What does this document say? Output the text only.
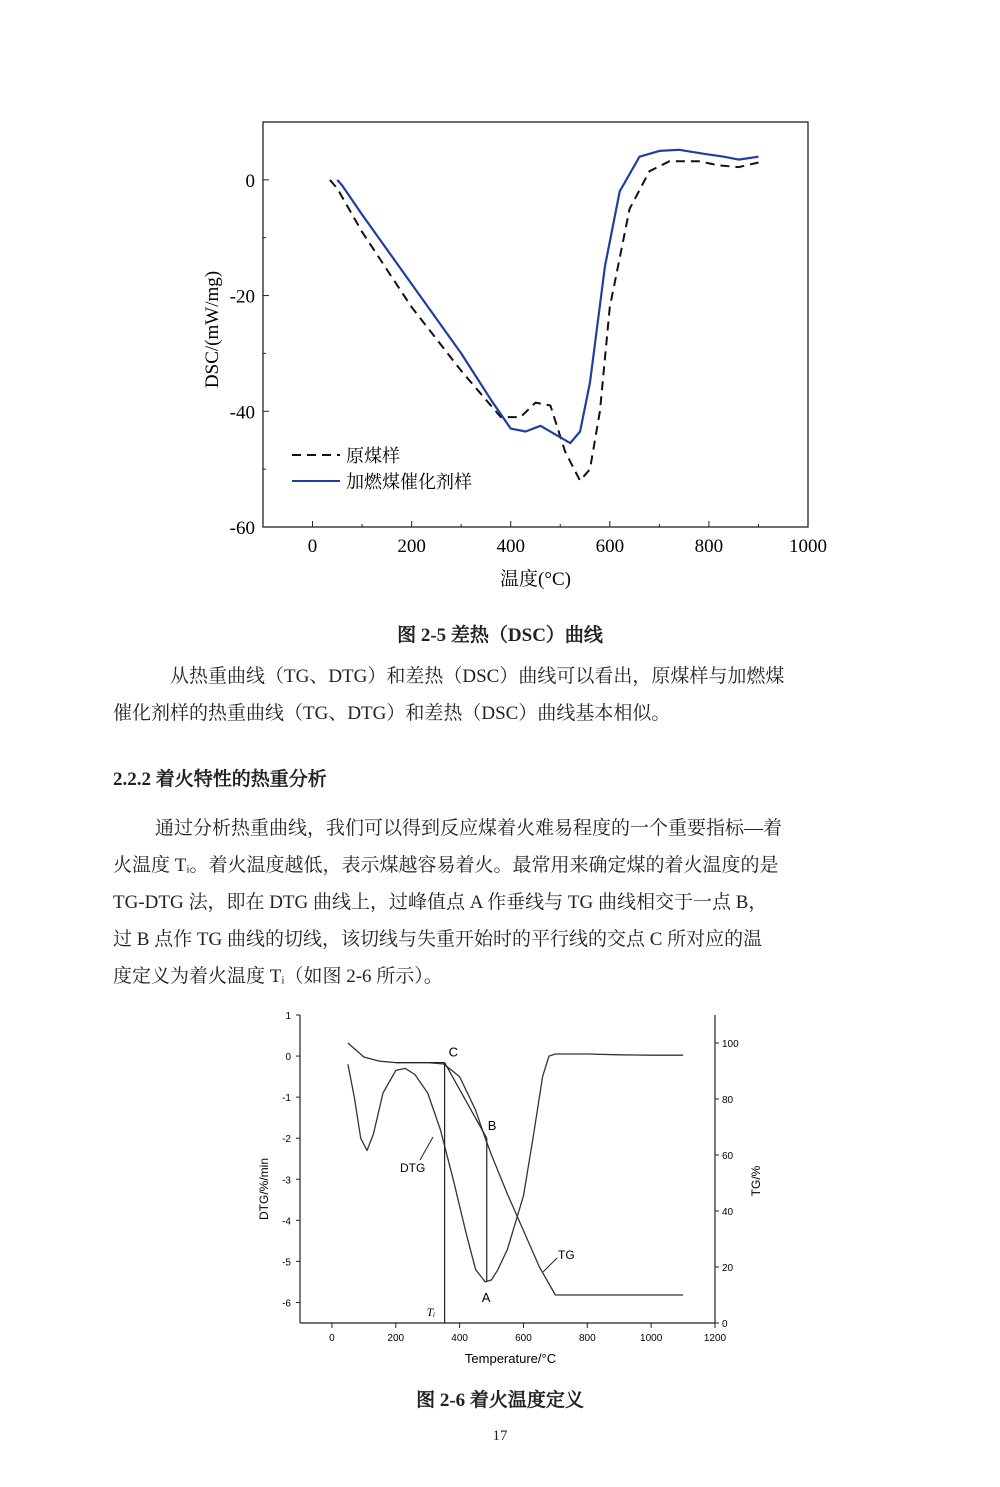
0	200	400	600	800	1000
0
-20
-40
-60
温度(°C)
DSC/(mW/mg)
原煤样
加燃煤催化剂样
图 2-5 差热（DSC）曲线
从热重曲线（TG、DTG）和差热（DSC）曲线可以看出，原煤样与加燃煤
催化剂样的热重曲线（TG、DTG）和差热（DSC）曲线基本相似。
2.2.2 着火特性的热重分析
通过分析热重曲线，我们可以得到反应煤着火难易程度的一个重要指标—着
火温度 Tᵢ。着火温度越低，表示煤越容易着火。最常用来确定煤的着火温度的是
TG-DTG 法，即在 DTG 曲线上，过峰值点 A 作垂线与 TG 曲线相交于一点 B，
过 B 点作 TG 曲线的切线，该切线与失重开始时的平行线的交点 C 所对应的温
度定义为着火温度 Tᵢ（如图 2-6 所示）。
0	200	400	600	800	1000	1200
1
0
-1
-2
-3
-4
-5
-6
100
80
60
40
20
0
Temperature/°C
DTG/%/min	TG/%
C
B
A
DTG
TG
Tᵢ
图 2-6 着火温度定义
17
